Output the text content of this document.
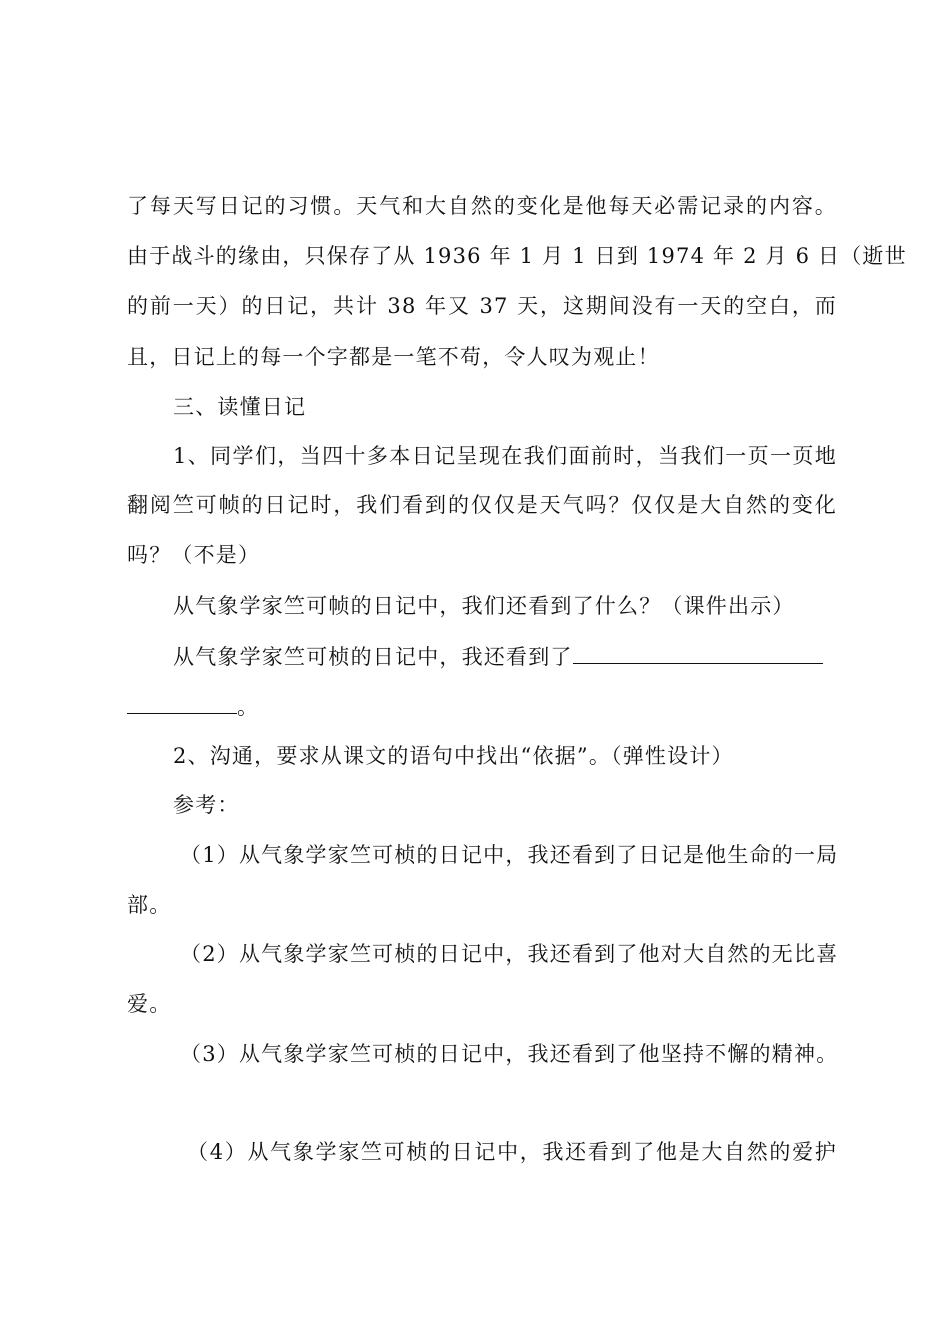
了每天写日记的习惯。天气和大自然的变化是他每天必需记录的内容。
由于战斗的缘由，只保存了从 1936 年 1 月 1 日到 1974 年 2 月 6 日（逝世
的前一天）的日记，共计 38 年又 37 天，这期间没有一天的空白，而
且，日记上的每一个字都是一笔不苟，令人叹为观止！
三、读懂日记
1、同学们，当四十多本日记呈现在我们面前时，当我们一页一页地
翻阅竺可帧的日记时，我们看到的仅仅是天气吗？仅仅是大自然的变化
吗？（不是）
从气象学家竺可帧的日记中，我们还看到了什么？（课件出示）
从气象学家竺可桢的日记中，我还看到了
。
2、沟通，要求从课文的语句中找出“依据”。（弹性设计）
参考：
（1）从气象学家竺可桢的日记中，我还看到了日记是他生命的一局
部。
（2）从气象学家竺可桢的日记中，我还看到了他对大自然的无比喜
爱。
（3）从气象学家竺可桢的日记中，我还看到了他坚持不懈的精神。
（4）从气象学家竺可桢的日记中，我还看到了他是大自然的爱护
